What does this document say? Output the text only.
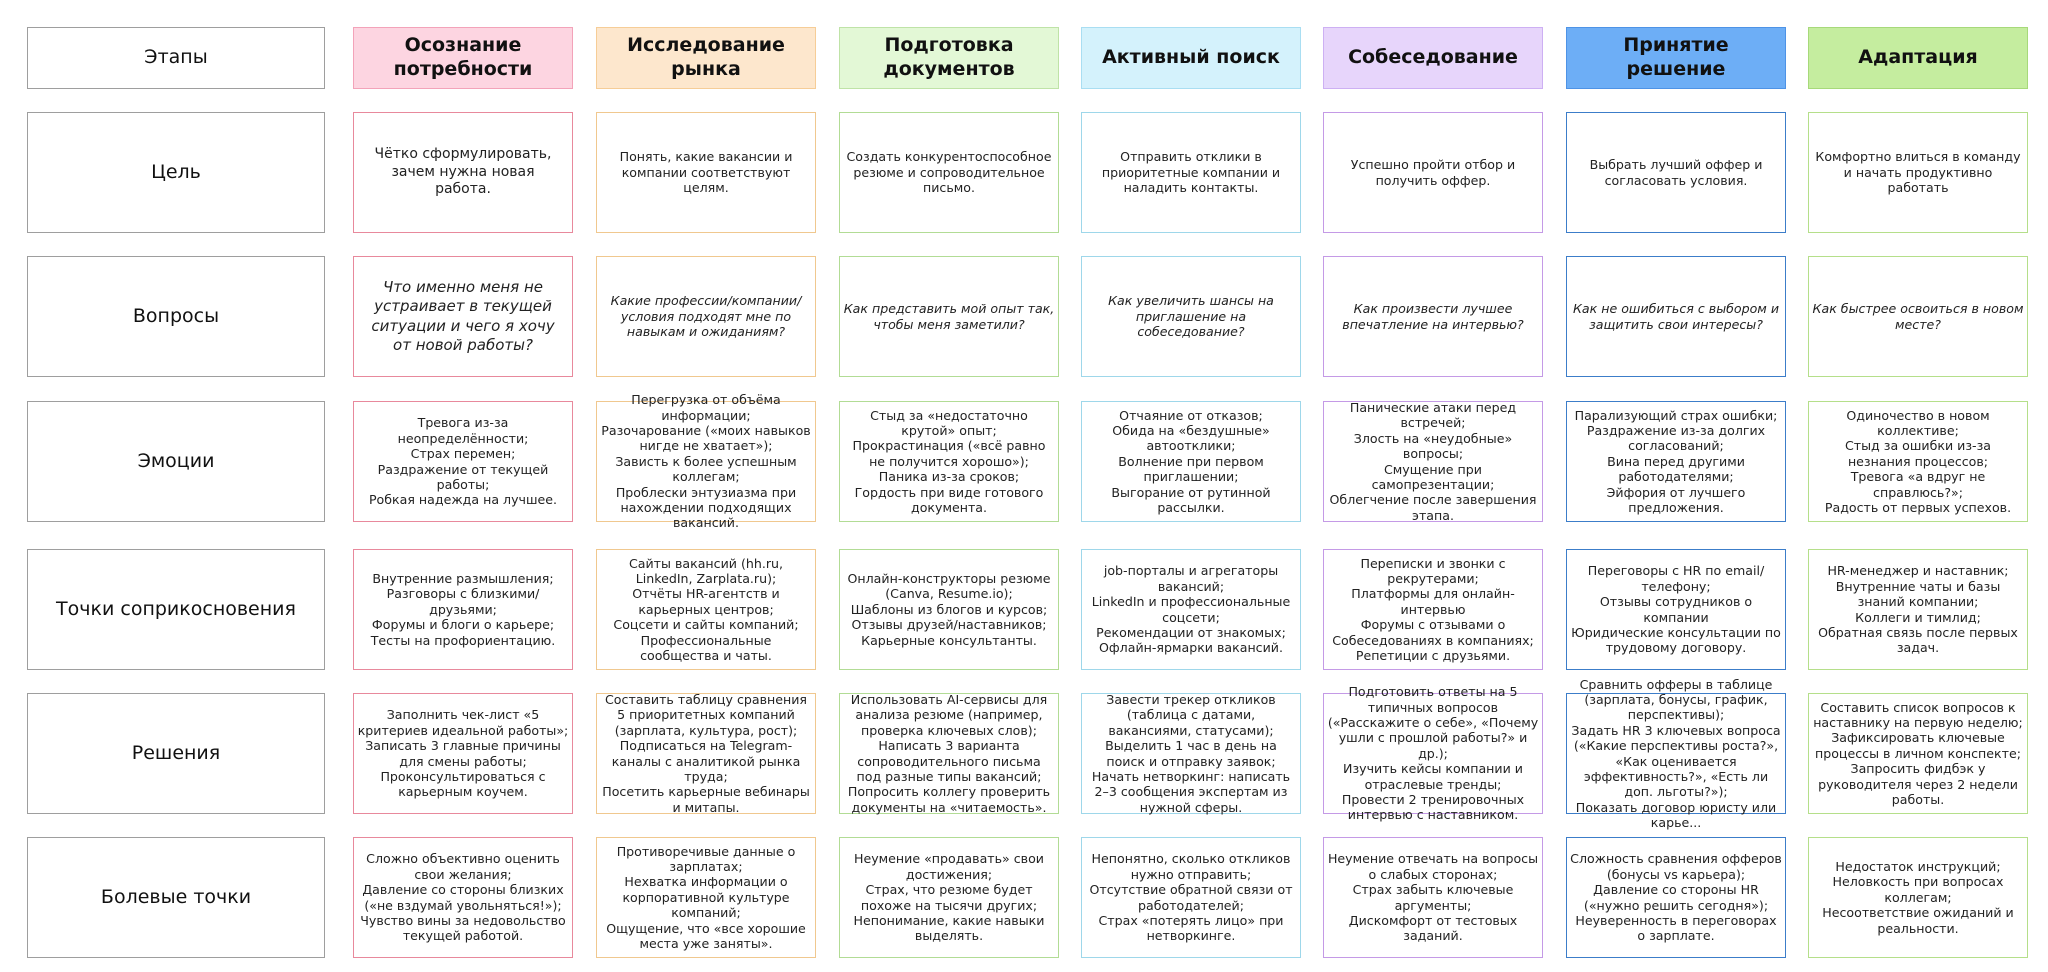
Этапы
Осознание потребности
Исследование рынка
Подготовка документов
Активный поиск	Собеседование
Принятие решение
Адаптация
Цель
Чётко сформулировать, зачем нужна новая работа.
Понять, какие вакансии и компании соответствуют целям.
Создать конкурентоспособное резюме и сопроводительное письмо.
Отправить отклики в приоритетные компании и наладить контакты.
Успешно пройти отбор и получить оффер.
Выбрать лучший оффер и согласовать условия.
Комфортно влиться в команду и начать продуктивно работать
Вопросы
Что именно меня не устраивает в текущей ситуации и чего я хочу от новой работы?
Какие профессии/компании/условия подходят мне по навыкам и ожиданиям?
Как представить мой опыт так, чтобы меня заметили?
Как увеличить шансы на приглашение на собеседование?
Как произвести лучшее впечатление на интервью?
Как не ошибиться с выбором и защитить свои интересы?
Как быстрее освоиться в новом месте?
Эмоции
Тревога из-за неопределённости;
Страх перемен;
Раздражение от текущей работы;
Робкая надежда на лучшее.
Перегрузка от объёма информации;
Разочарование («моих навыков нигде не хватает»);
Зависть к более успешным коллегам;
Проблески энтузиазма при нахождении подходящих вакансий.
Стыд за «недостаточно крутой» опыт;
Прокрастинация («всё равно не получится хорошо»);
Паника из-за сроков;
Гордость при виде готового документа.
Отчаяние от отказов;
Обида на «бездушные» автоотклики;
Волнение при первом приглашении;
Выгорание от рутинной рассылки.
Панические атаки перед встречей;
Злость на «неудобные» вопросы;
Смущение при самопрезентации;
Облегчение после завершения этапа.
Парализующий страх ошибки;
Раздражение из-за долгих согласований;
Вина перед другими работодателями;
Эйфория от лучшего предложения.
Одиночество в новом коллективе;
Стыд за ошибки из-за незнания процессов;
Тревога «а вдруг не справлюсь?»;
Радость от первых успехов.
Точки соприкосновения
Внутренние размышления;
Разговоры с близкими/друзьями;
Форумы и блоги о карьере;
Тесты на профориентацию.
Сайты вакансий (hh.ru, LinkedIn, Zarplata.ru);
Отчёты HR-агентств и карьерных центров;
Соцсети и сайты компаний;
Профессиональные сообщества и чаты.
Онлайн-конструкторы резюме (Canva, Resume.io);
Шаблоны из блогов и курсов;
Отзывы друзей/наставников;
Карьерные консультанты.
job-порталы и агрегаторы вакансий;
LinkedIn и профессиональные соцсети;
Рекомендации от знакомых;
Офлайн-ярмарки вакансий.
Переписки и звонки с рекрутерами;
Платформы для онлайн-интервью
Форумы с отзывами о Собеседованиях в компаниях;
Репетиции с друзьями.
Переговоры с HR по email/телефону;
Отзывы сотрудников о компании
Юридические консультации по трудовому договору.
HR-менеджер и наставник;
Внутренние чаты и базы знаний компании;
Коллеги и тимлид;
Обратная связь после первых задач.
Решения
Заполнить чек-лист «5 критериев идеальной работы»;
Записать 3 главные причины для смены работы;
Проконсультироваться с карьерным коучем.
Составить таблицу сравнения 5 приоритетных компаний (зарплата, культура, рост);
Подписаться на Telegram-каналы с аналитикой рынка труда;
Посетить карьерные вебинары и митапы.
Использовать AI-сервисы для анализа резюме (например, проверка ключевых слов);
Написать 3 варианта сопроводительного письма под разные типы вакансий;
Попросить коллегу проверить документы на «читаемость».
Завести трекер откликов (таблица с датами, вакансиями, статусами);
Выделить 1 час в день на поиск и отправку заявок;
Начать нетворкинг: написать 2–3 сообщения экспертам из нужной сферы.
Подготовить ответы на 5 типичных вопросов («Расскажите о себе», «Почему ушли с прошлой работы?» и др.);
Изучить кейсы компании и отраслевые тренды;
Провести 2 тренировочных интервью с наставником.
Сравнить офферы в таблице (зарплата, бонусы, график, перспективы);
Задать HR 3 ключевых вопроса («Какие перспективы роста?», «Как оценивается эффективность?», «Есть ли доп. льготы?»);
Показать договор юристу или карье...
Составить список вопросов к наставнику на первую неделю;
Зафиксировать ключевые процессы в личном конспекте;
Запросить фидбэк у руководителя через 2 недели работы.
Болевые точки
Сложно объективно оценить свои желания;
Давление со стороны близких («не вздумай увольняться!»);
Чувство вины за недовольство текущей работой.
Противоречивые данные о зарплатах;
Нехватка информации о корпоративной культуре компаний;
Ощущение, что «все хорошие места уже заняты».
Неумение «продавать» свои достижения;
Страх, что резюме будет похоже на тысячи других;
Непонимание, какие навыки выделять.
Непонятно, сколько откликов нужно отправить;
Отсутствие обратной связи от работодателей;
Страх «потерять лицо» при нетворкинге.
Неумение отвечать на вопросы о слабых сторонах;
Страх забыть ключевые аргументы;
Дискомфорт от тестовых заданий.
Сложность сравнения офферов (бонусы vs карьера);
Давление со стороны HR («нужно решить сегодня»);
Неуверенность в переговорах о зарплате.
Недостаток инструкций;
Неловкость при вопросах коллегам;
Несоответствие ожиданий и реальности.
